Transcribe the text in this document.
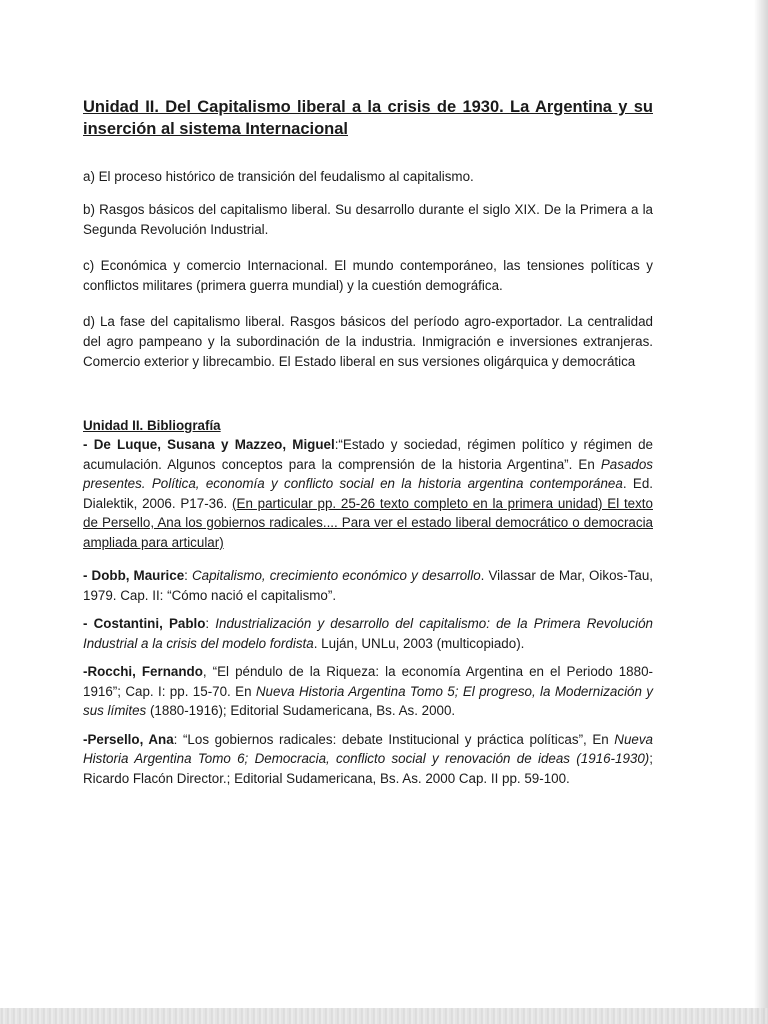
Unidad II. Del Capitalismo liberal a la crisis de 1930. La Argentina y su inserción al sistema Internacional

a) El proceso histórico de transición del feudalismo al capitalismo.

b) Rasgos básicos del capitalismo liberal. Su desarrollo durante el siglo XIX. De la Primera a la Segunda Revolución Industrial.

c) Económica y comercio Internacional. El mundo contemporáneo, las tensiones políticas y conflictos militares (primera guerra mundial) y la cuestión demográfica.

d) La fase del capitalismo liberal. Rasgos básicos del período agro-exportador. La centralidad del agro pampeano y la subordinación de la industria. Inmigración e inversiones extranjeras. Comercio exterior y librecambio. El Estado liberal en sus versiones oligárquica y democrática

Unidad II. Bibliografía

- De Luque, Susana y Mazzeo, Miguel:“Estado y sociedad, régimen político y régimen de acumulación. Algunos conceptos para la comprensión de la historia Argentina”. En Pasados presentes. Política, economía y conflicto social en la historia argentina contemporánea. Ed. Dialektik, 2006. P17-36. (En particular pp. 25-26 texto completo en la primera unidad) El texto de Persello, Ana los gobiernos radicales.... Para ver el estado liberal democrático o democracia ampliada para articular)

- Dobb, Maurice: Capitalismo, crecimiento económico y desarrollo. Vilassar de Mar, Oikos-Tau, 1979. Cap. II: “Cómo nació el capitalismo”.

- Costantini, Pablo: Industrialización y desarrollo del capitalismo: de la Primera Revolución Industrial a la crisis del modelo fordista. Luján, UNLu, 2003 (multicopiado).

-Rocchi, Fernando, “El péndulo de la Riqueza: la economía Argentina en el Periodo 1880-1916”; Cap. I: pp. 15-70. En Nueva Historia Argentina Tomo 5; El progreso, la Modernización y sus límites (1880-1916); Editorial Sudamericana, Bs. As. 2000.

-Persello, Ana: “Los gobiernos radicales: debate Institucional y práctica políticas”, En Nueva Historia Argentina Tomo 6; Democracia, conflicto social y renovación de ideas (1916-1930); Ricardo Flacón Director.; Editorial Sudamericana, Bs. As. 2000 Cap. II pp. 59-100.
